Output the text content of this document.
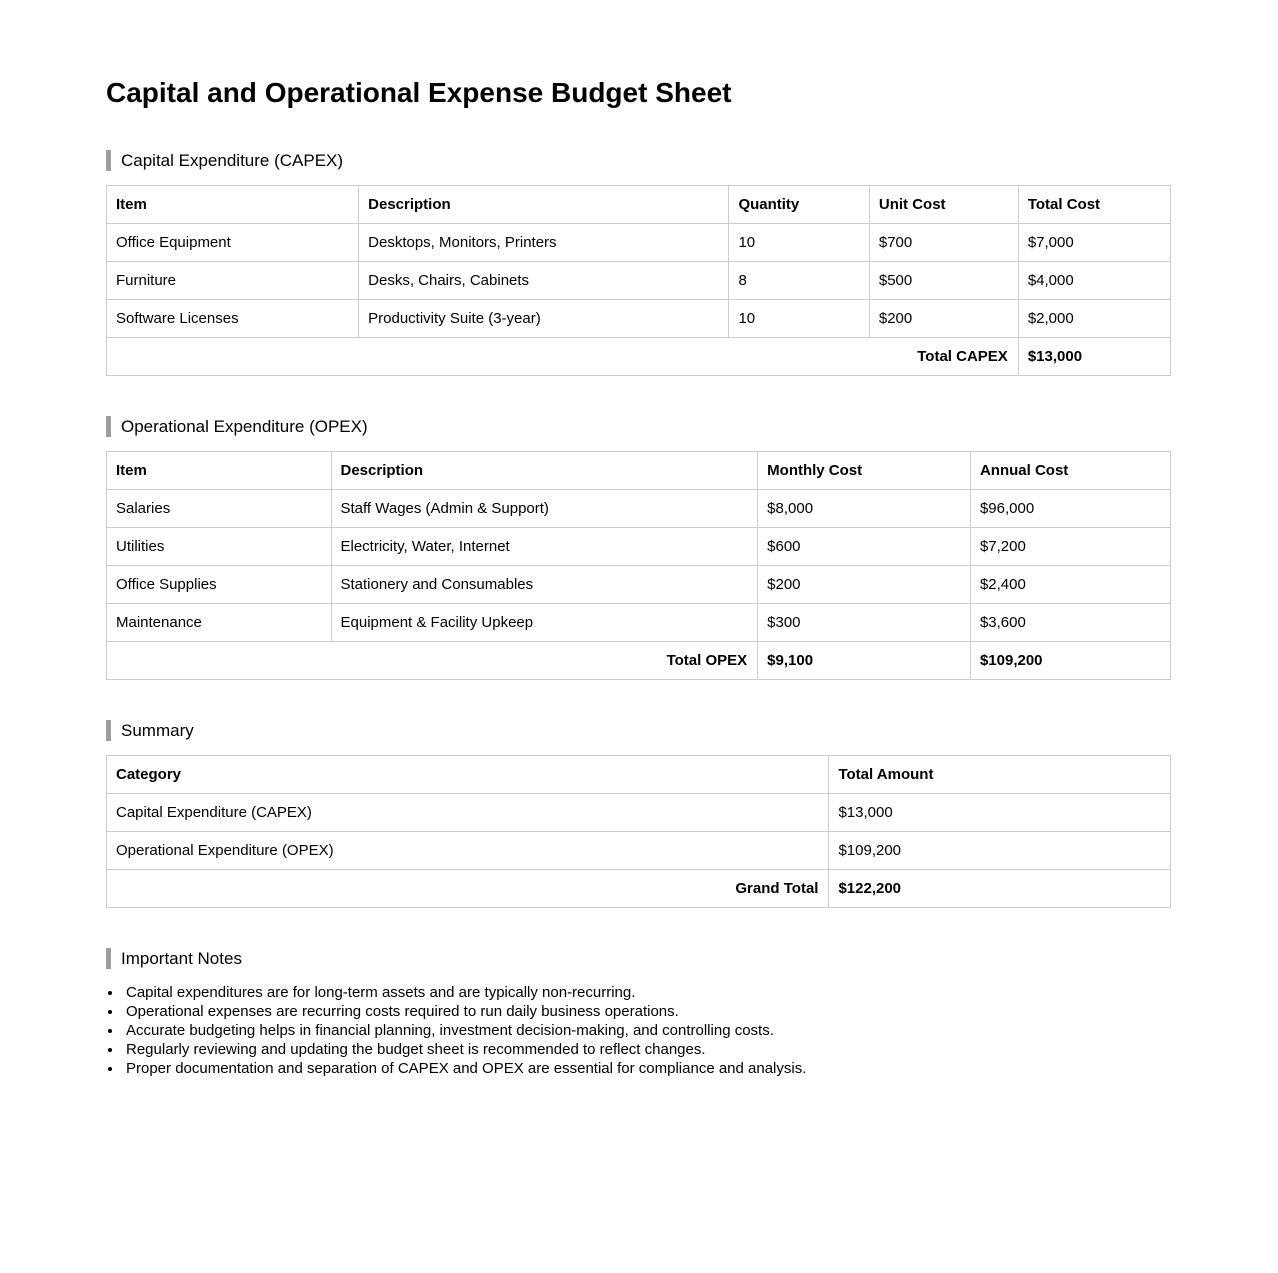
Capital and Operational Expense Budget Sheet
Capital Expenditure (CAPEX)
Item	Description	Quantity	Unit Cost	Total Cost
Office Equipment	Desktops, Monitors, Printers	10	$700	$7,000
Furniture	Desks, Chairs, Cabinets	8	$500	$4,000
Software Licenses	Productivity Suite (3-year)	10	$200	$2,000
Total CAPEX				$13,000
Operational Expenditure (OPEX)
Item	Description	Monthly Cost	Annual Cost
Salaries	Staff Wages (Admin & Support)	$8,000	$96,000
Utilities	Electricity, Water, Internet	$600	$7,200
Office Supplies	Stationery and Consumables	$200	$2,400
Maintenance	Equipment & Facility Upkeep	$300	$3,600
Total OPEX		$9,100	$109,200
Summary
Category	Total Amount
Capital Expenditure (CAPEX)	$13,000
Operational Expenditure (OPEX)	$109,200
Grand Total	$122,200
Important Notes
• Capital expenditures are for long-term assets and are typically non-recurring.
• Operational expenses are recurring costs required to run daily business operations.
• Accurate budgeting helps in financial planning, investment decision-making, and controlling costs.
• Regularly reviewing and updating the budget sheet is recommended to reflect changes.
• Proper documentation and separation of CAPEX and OPEX are essential for compliance and analysis.
